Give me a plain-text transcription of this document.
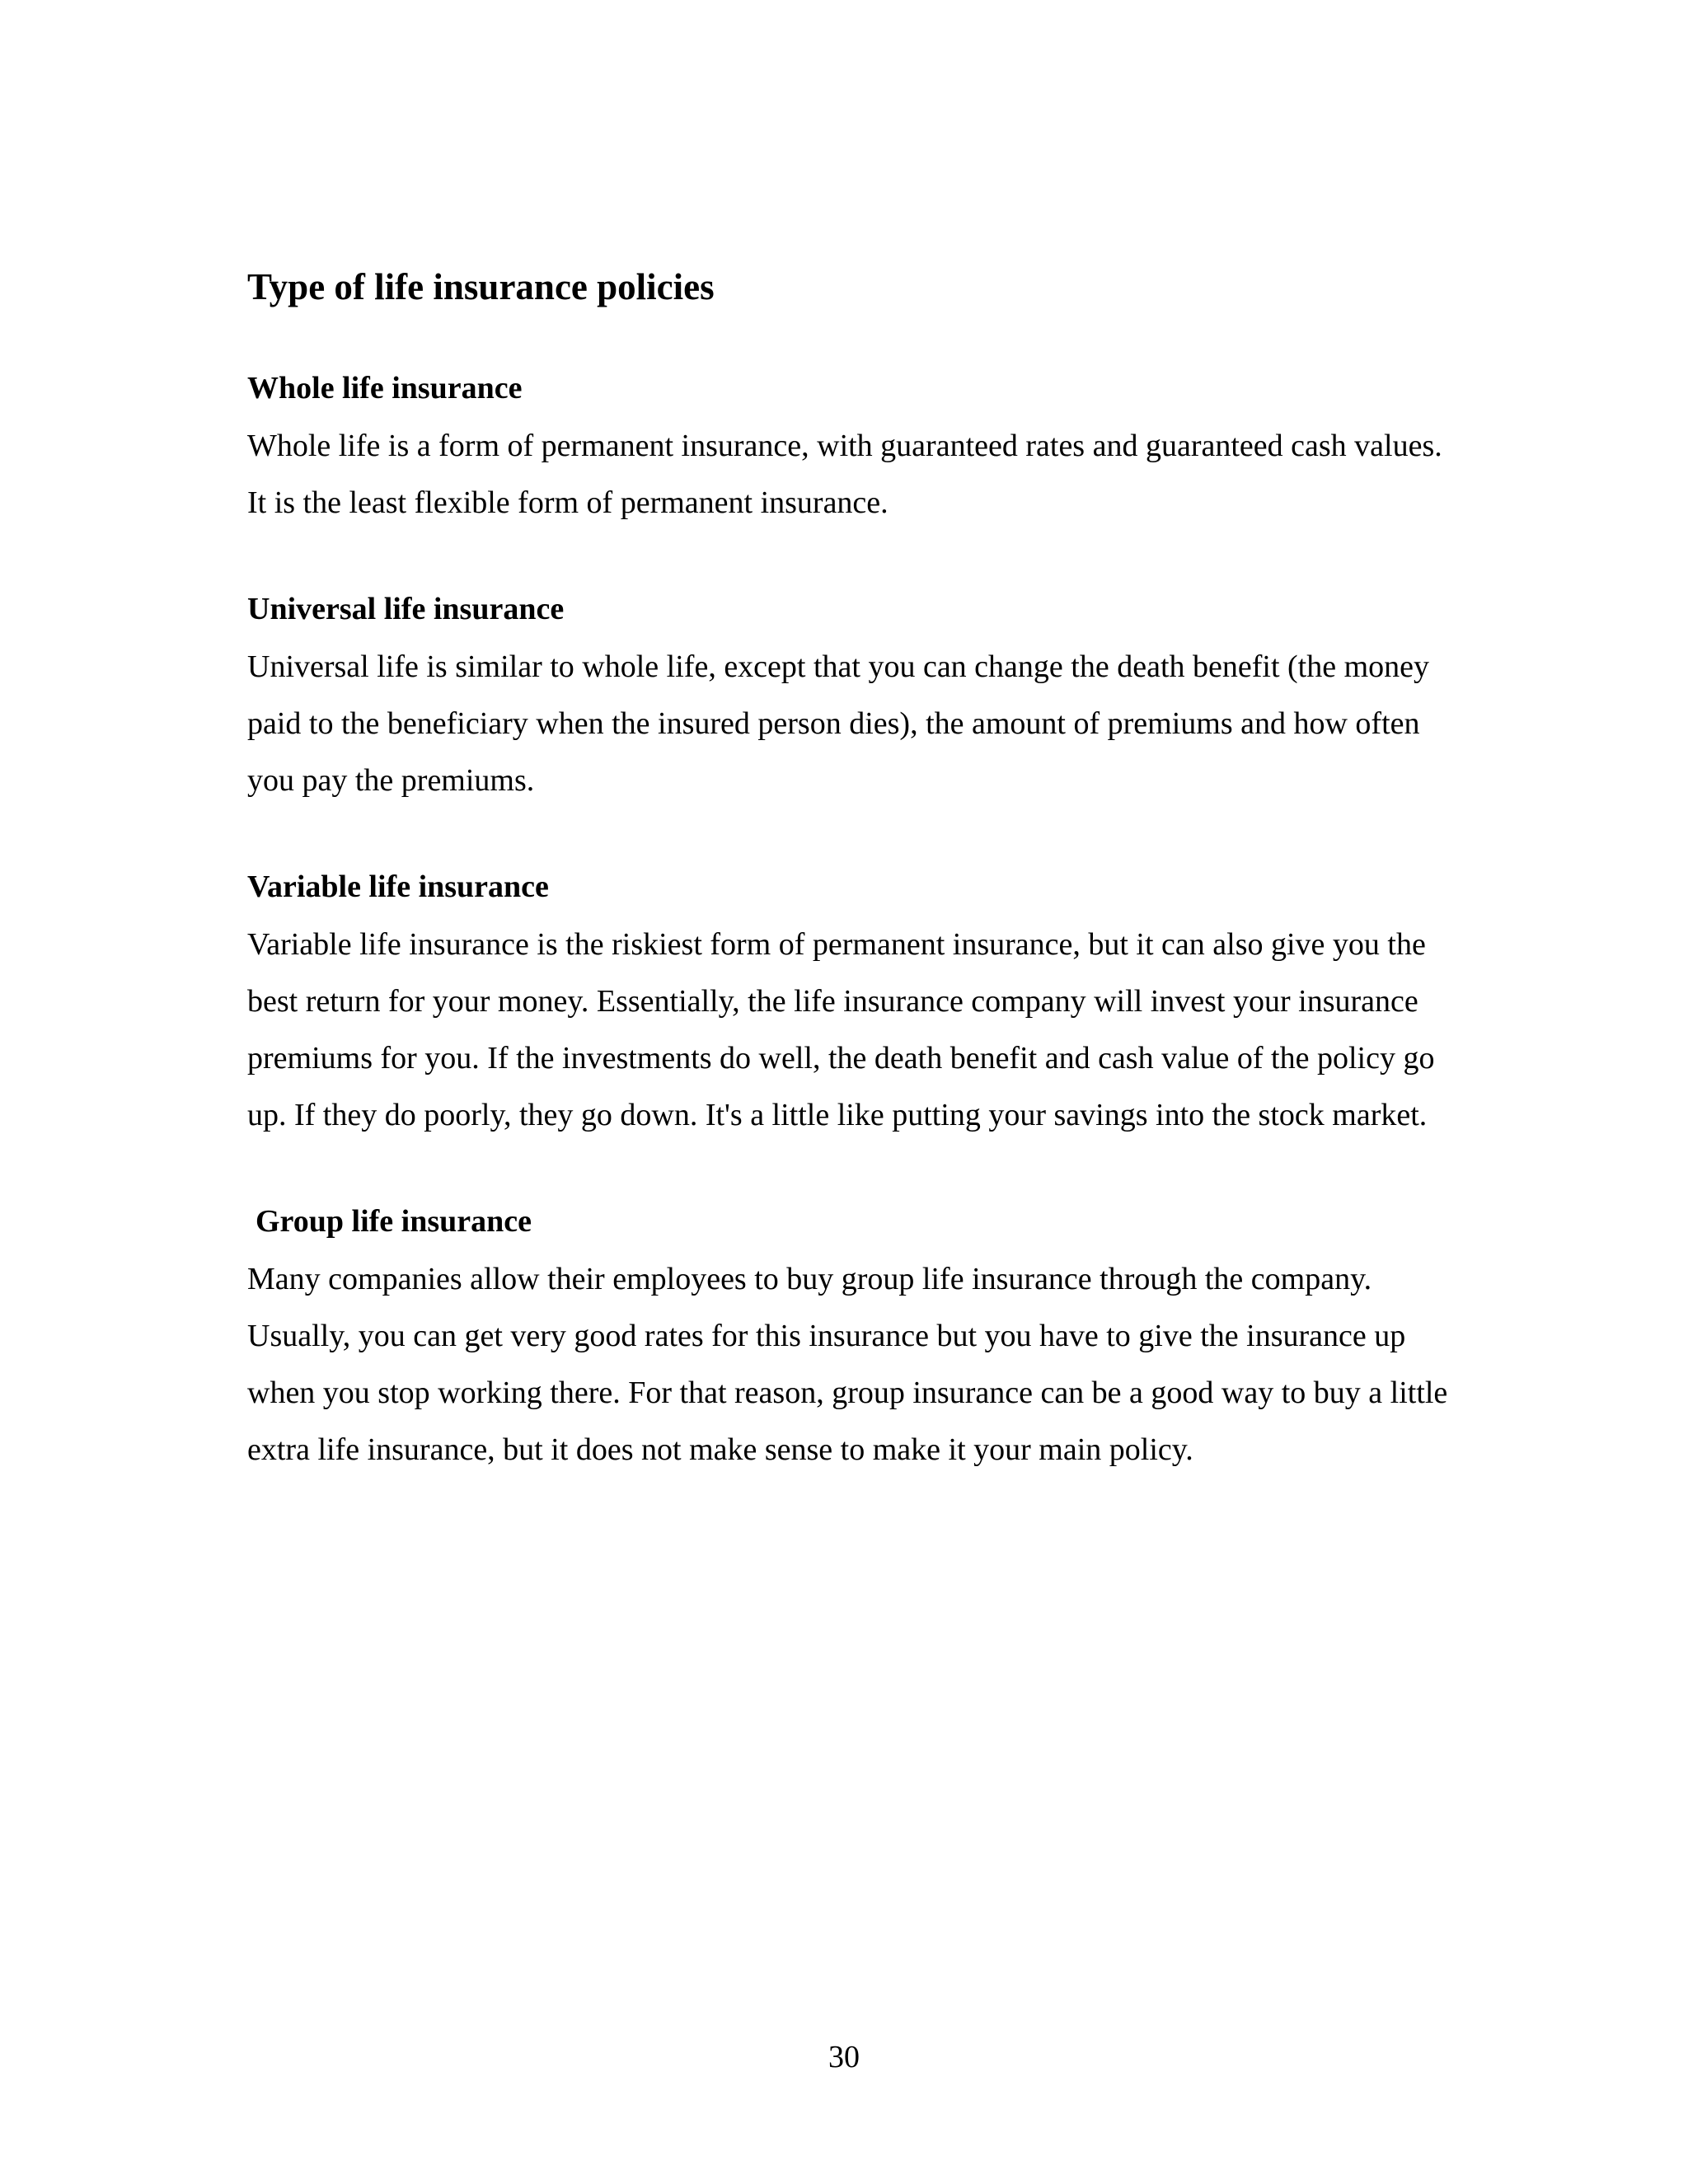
Type of life insurance policies
Whole life insurance

Whole life is a form of permanent insurance, with guaranteed rates and guaranteed cash values. It is the least flexible form of permanent insurance.

Universal life insurance

Universal life is similar to whole life, except that you can change the death benefit (the money paid to the beneficiary when the insured person dies), the amount of premiums and how often you pay the premiums.

Variable life insurance

Variable life insurance is the riskiest form of permanent insurance, but it can also give you the best return for your money. Essentially, the life insurance company will invest your insurance premiums for you. If the investments do well, the death benefit and cash value of the policy go up. If they do poorly, they go down. It's a little like putting your savings into the stock market.

Group life insurance

Many companies allow their employees to buy group life insurance through the company. Usually, you can get very good rates for this insurance but you have to give the insurance up when you stop working there. For that reason, group insurance can be a good way to buy a little extra life insurance, but it does not make sense to make it your main policy.

30
